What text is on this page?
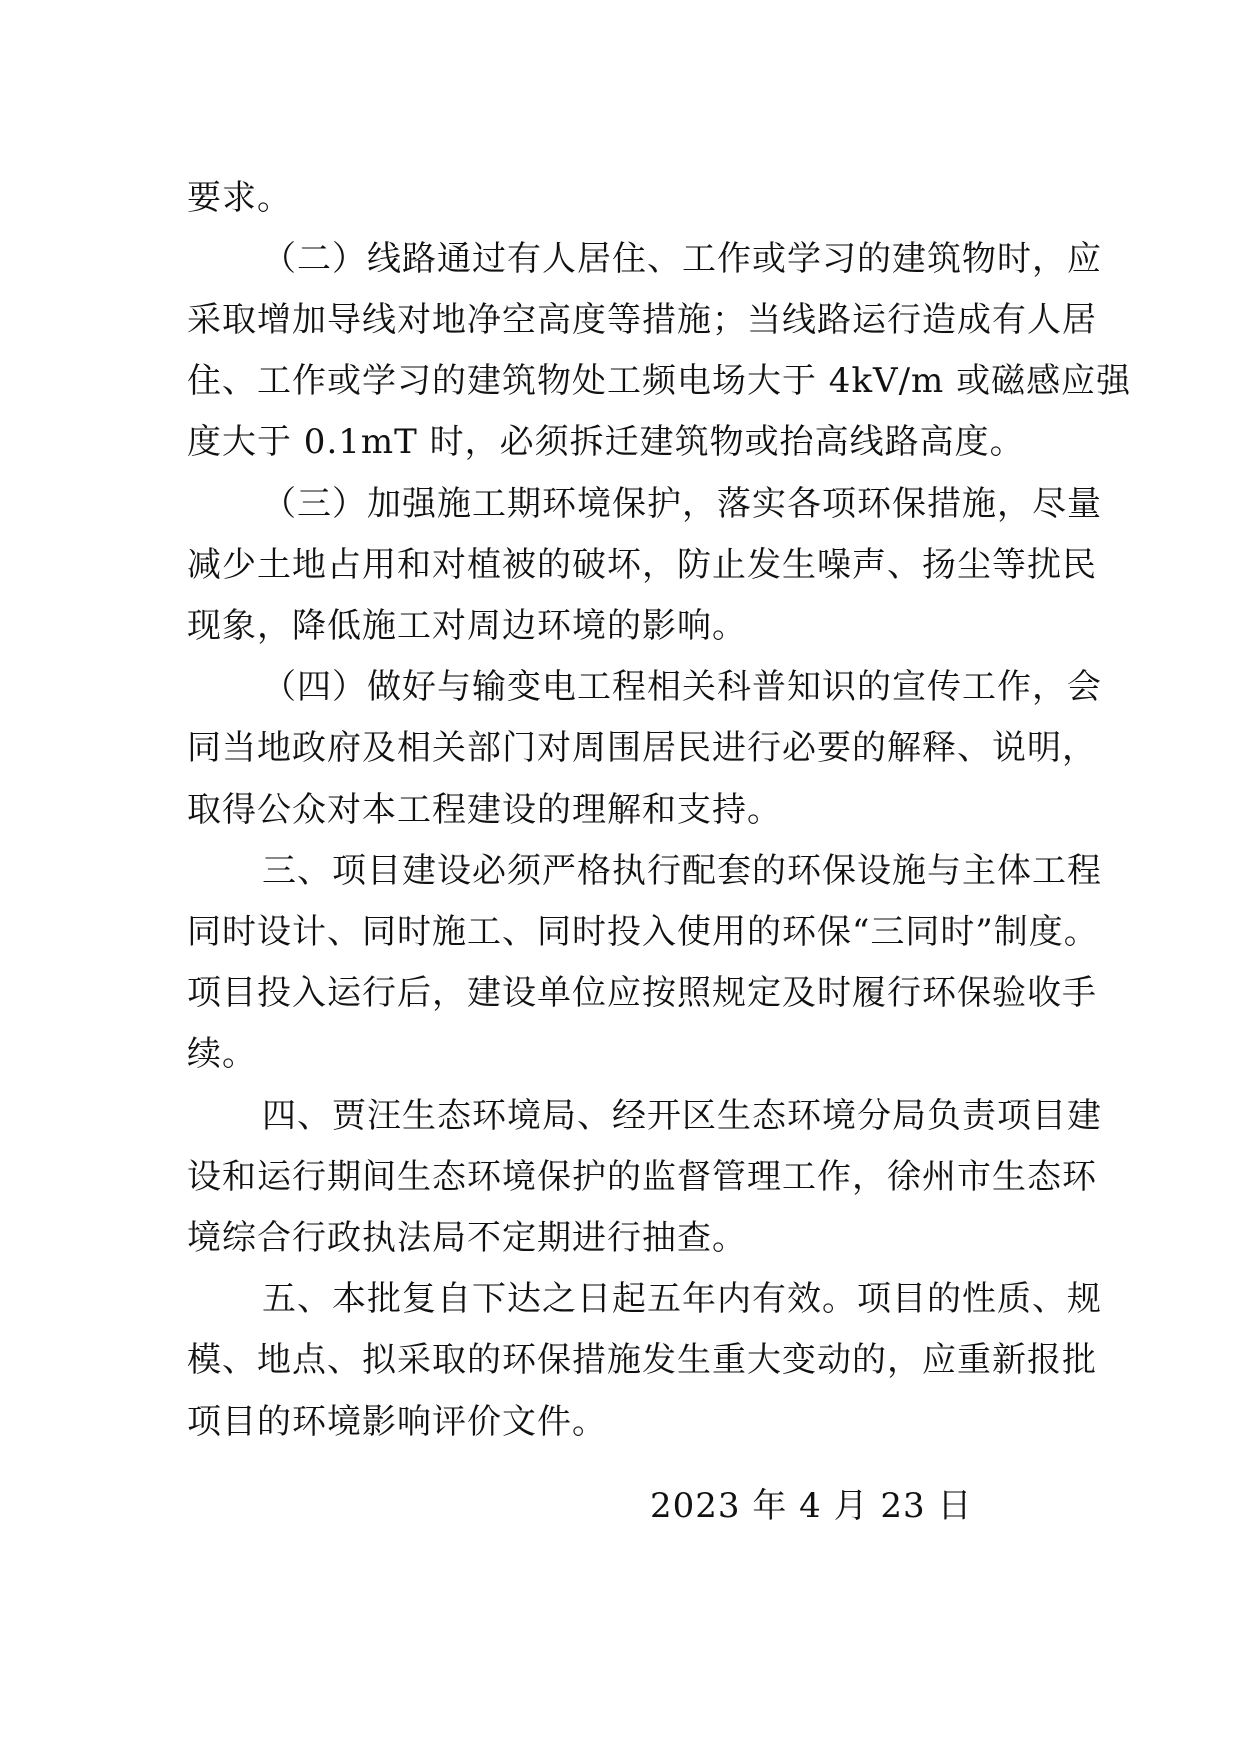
要求。
（二）线路通过有人居住、工作或学习的建筑物时，应
采取增加导线对地净空高度等措施；当线路运行造成有人居
住、工作或学习的建筑物处工频电场大于 4kV/m 或磁感应强
度大于 0.1mT 时，必须拆迁建筑物或抬高线路高度。
（三）加强施工期环境保护，落实各项环保措施，尽量
减少土地占用和对植被的破坏，防止发生噪声、扬尘等扰民
现象，降低施工对周边环境的影响。
（四）做好与输变电工程相关科普知识的宣传工作，会
同当地政府及相关部门对周围居民进行必要的解释、说明，
取得公众对本工程建设的理解和支持。
三、项目建设必须严格执行配套的环保设施与主体工程
同时设计、同时施工、同时投入使用的环保“三同时”制度。
项目投入运行后，建设单位应按照规定及时履行环保验收手
续。
四、贾汪生态环境局、经开区生态环境分局负责项目建
设和运行期间生态环境保护的监督管理工作，徐州市生态环
境综合行政执法局不定期进行抽查。
五、本批复自下达之日起五年内有效。项目的性质、规
模、地点、拟采取的环保措施发生重大变动的，应重新报批
项目的环境影响评价文件。
2023 年 4 月 23 日
